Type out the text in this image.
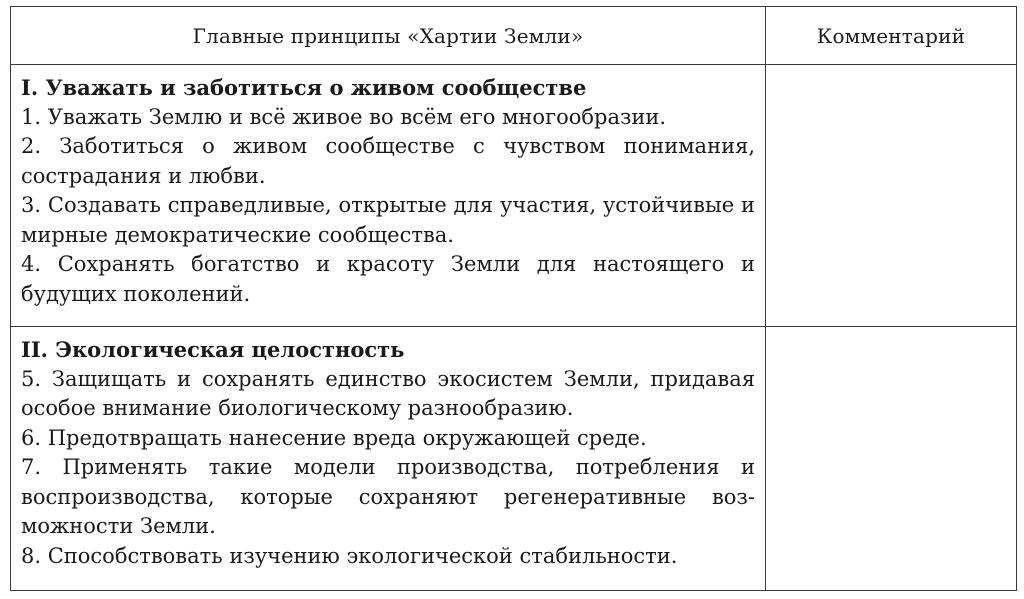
Главные принципы «Хартии Земли»	Комментарий

I. Уважать и заботиться о живом сообществе
1. Уважать Землю и всё живое во всём его многообразии.
2. Заботиться о живом сообществе с чувством понимания, сострадания и любви.
3. Создавать справедливые, открытые для участия, устойчивые и мирные демократические сообщества.
4. Сохранять богатство и красоту Земли для настоящего и будущих поколений.	

II. Экологическая целостность
5. Защищать и сохранять единство экосистем Земли, придавая особое внимание биологическому разнообразию.
6. Предотвращать нанесение вреда окружающей среде.
7. Применять такие модели производства, потребления и воспроизводства, которые сохраняют регенеративные возможности Земли.
8. Способствовать изучению экологической стабильности.	
